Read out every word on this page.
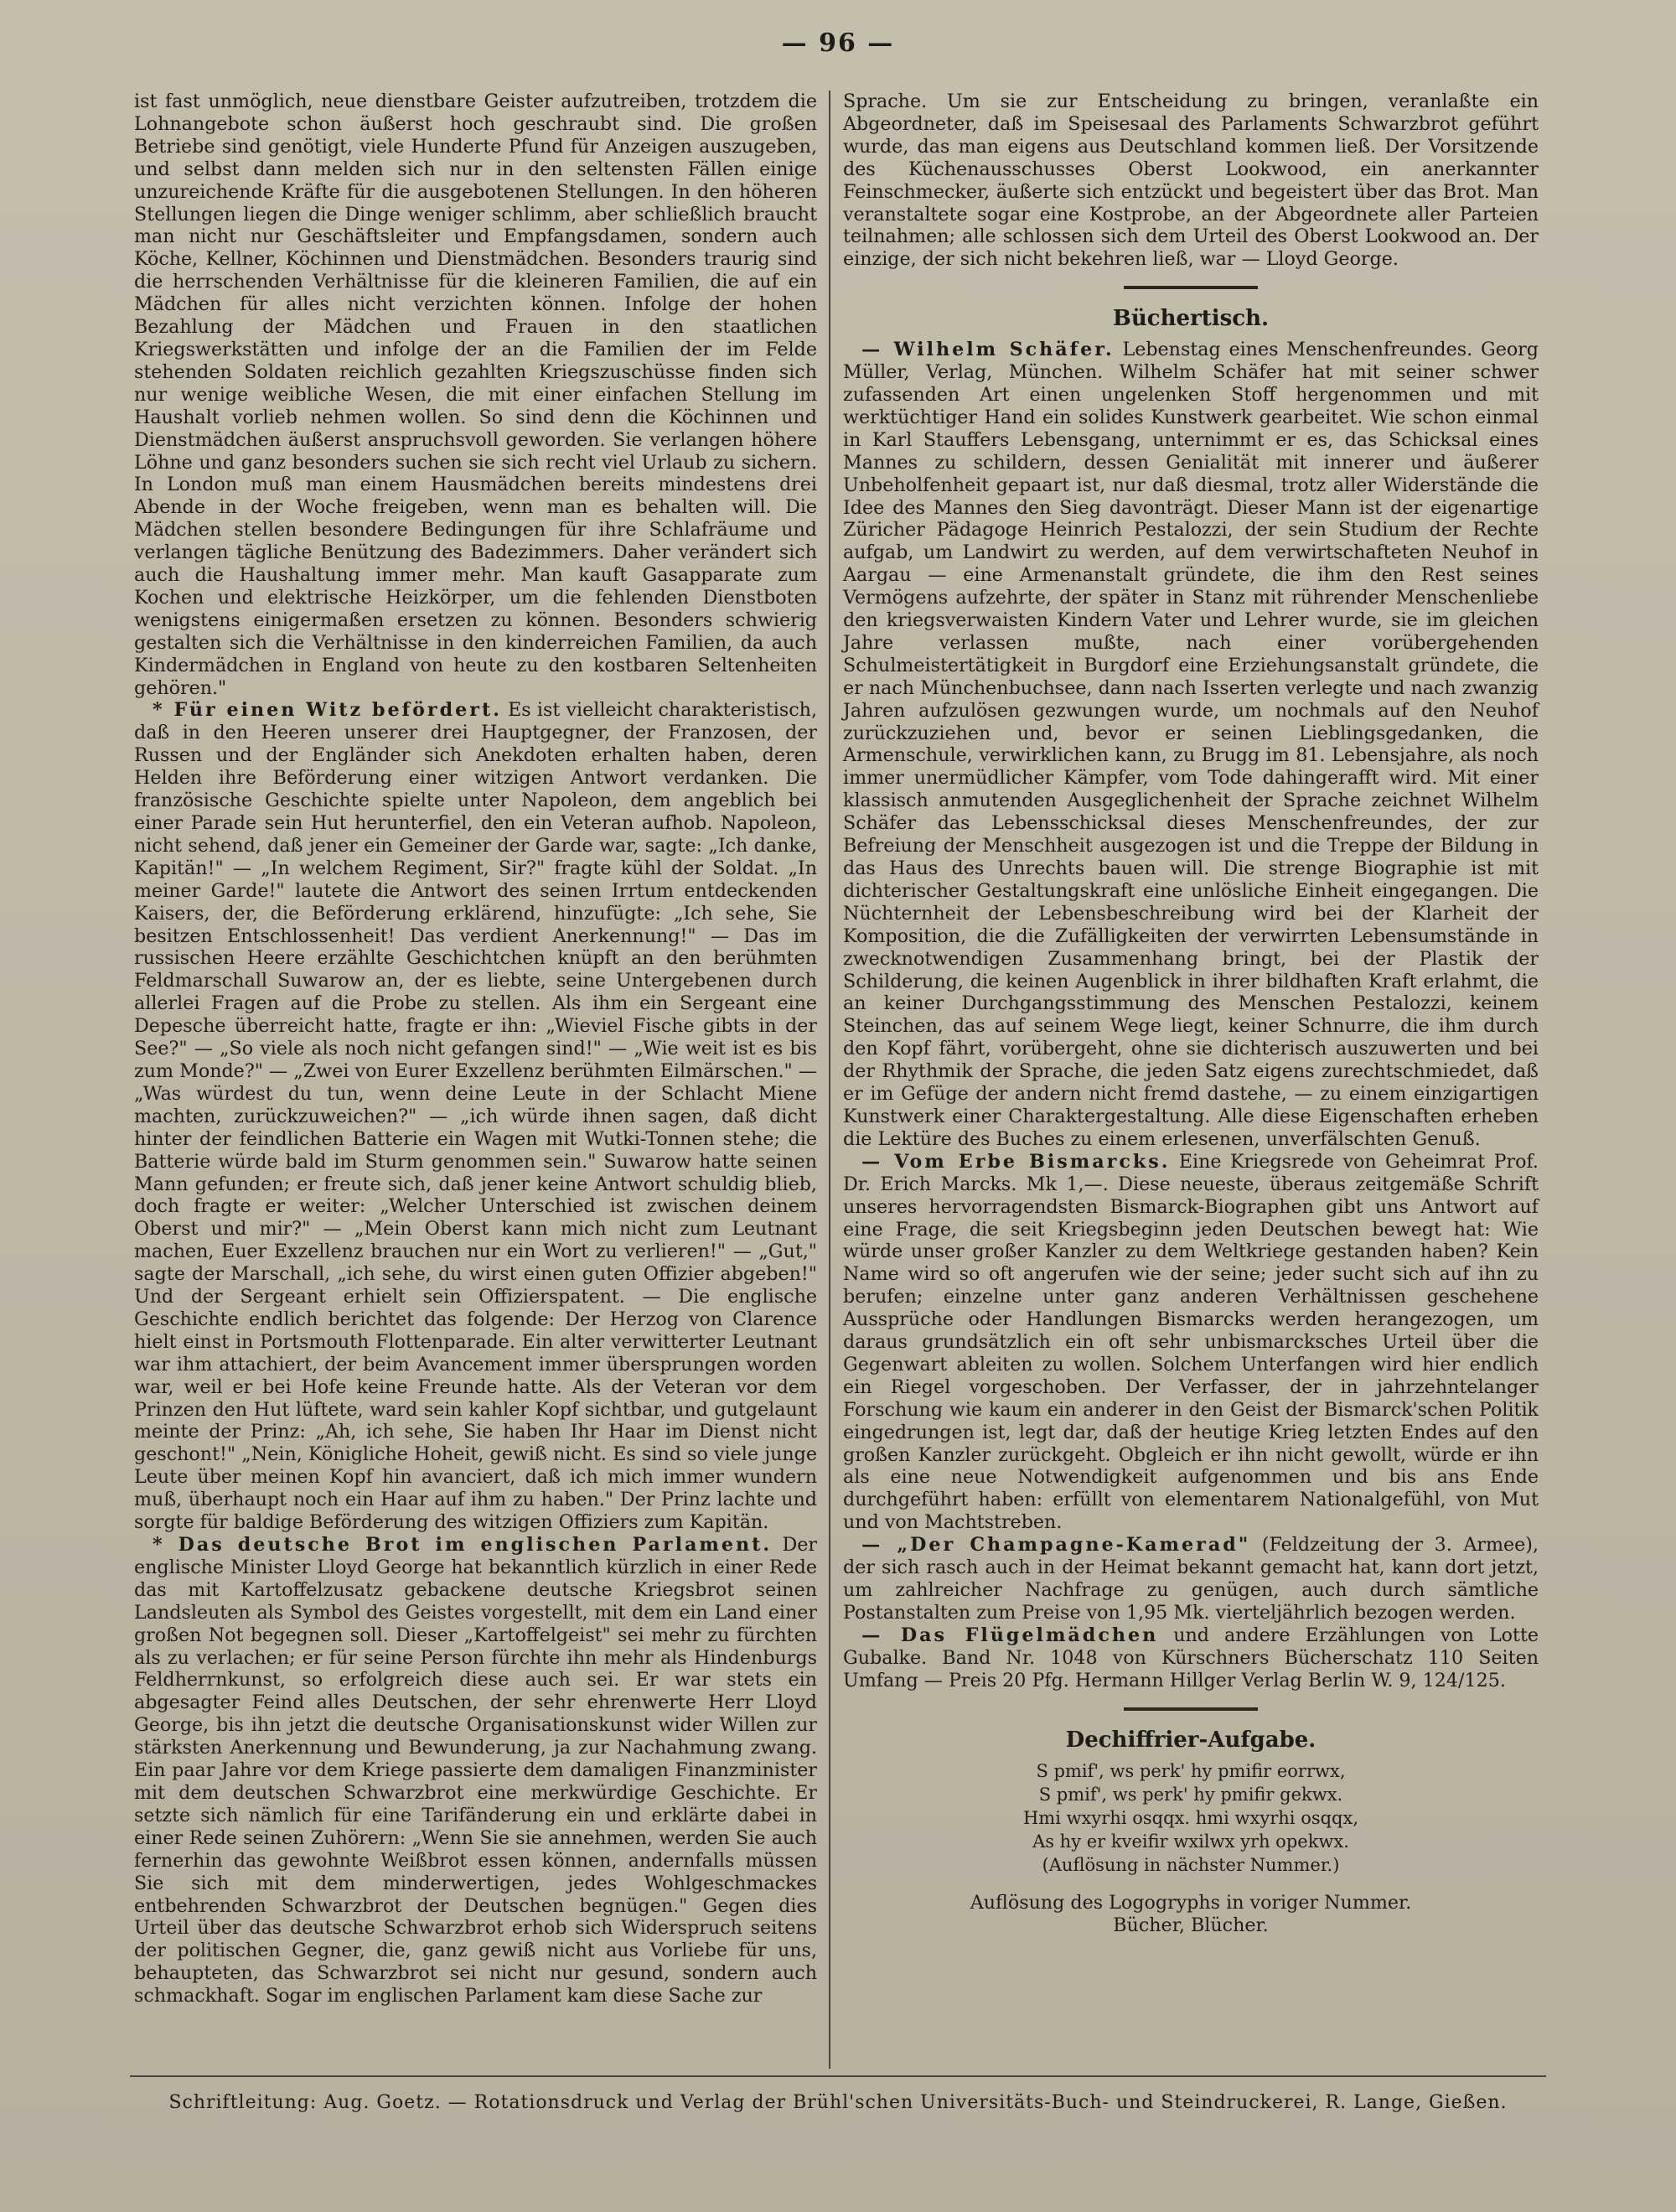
— 96 —

ist fast unmöglich, neue dienstbare Geister aufzutreiben, trotzdem die Lohnangebote schon äußerst hoch geschraubt sind. Die großen Betriebe sind genötigt, viele Hunderte Pfund für Anzeigen auszugeben, und selbst dann melden sich nur in den seltensten Fällen einige unzureichende Kräfte für die ausgebotenen Stellungen. In den höheren Stellungen liegen die Dinge weniger schlimm, aber schließlich braucht man nicht nur Geschäftsleiter und Empfangsdamen, sondern auch Köche, Kellner, Köchinnen und Dienstmädchen. Besonders traurig sind die herrschenden Verhältnisse für die kleineren Familien, die auf ein Mädchen für alles nicht verzichten können. Infolge der hohen Bezahlung der Mädchen und Frauen in den staatlichen Kriegswerkstätten und infolge der an die Familien der im Felde stehenden Soldaten reichlich gezahlten Kriegszuschüsse finden sich nur wenige weibliche Wesen, die mit einer einfachen Stellung im Haushalt vorlieb nehmen wollen. So sind denn die Köchinnen und Dienstmädchen äußerst anspruchsvoll geworden. Sie verlangen höhere Löhne und ganz besonders suchen sie sich recht viel Urlaub zu sichern. In London muß man einem Hausmädchen bereits mindestens drei Abende in der Woche freigeben, wenn man es behalten will. Die Mädchen stellen besondere Bedingungen für ihre Schlafräume und verlangen tägliche Benützung des Badezimmers. Daher verändert sich auch die Haushaltung immer mehr. Man kauft Gasapparate zum Kochen und elektrische Heizkörper, um die fehlenden Dienstboten wenigstens einigermaßen ersetzen zu können. Besonders schwierig gestalten sich die Verhältnisse in den kinderreichen Familien, da auch Kindermädchen in England von heute zu den kostbaren Seltenheiten gehören."

* Für einen Witz befördert. Es ist vielleicht charakteristisch, daß in den Heeren unserer drei Hauptgegner, der Franzosen, der Russen und der Engländer sich Anekdoten erhalten haben, deren Helden ihre Beförderung einer witzigen Antwort verdanken. Die französische Geschichte spielte unter Napoleon, dem angeblich bei einer Parade sein Hut herunterfiel, den ein Veteran aufhob. Napoleon, nicht sehend, daß jener ein Gemeiner der Garde war, sagte: „Ich danke, Kapitän!" — „In welchem Regiment, Sir?" fragte kühl der Soldat. „In meiner Garde!" lautete die Antwort des seinen Irrtum entdeckenden Kaisers, der, die Beförderung erklärend, hinzufügte: „Ich sehe, Sie besitzen Entschlossenheit! Das verdient Anerkennung!" — Das im russischen Heere erzählte Geschichtchen knüpft an den berühmten Feldmarschall Suwarow an, der es liebte, seine Untergebenen durch allerlei Fragen auf die Probe zu stellen. Als ihm ein Sergeant eine Depesche überreicht hatte, fragte er ihn: „Wieviel Fische gibts in der See?" — „So viele als noch nicht gefangen sind!" — „Wie weit ist es bis zum Monde?" — „Zwei von Eurer Exzellenz berühmten Eilmärschen." — „Was würdest du tun, wenn deine Leute in der Schlacht Miene machten, zurückzuweichen?" — „ich würde ihnen sagen, daß dicht hinter der feindlichen Batterie ein Wagen mit Wutki-Tonnen stehe; die Batterie würde bald im Sturm genommen sein." Suwarow hatte seinen Mann gefunden; er freute sich, daß jener keine Antwort schuldig blieb, doch fragte er weiter: „Welcher Unterschied ist zwischen deinem Oberst und mir?" — „Mein Oberst kann mich nicht zum Leutnant machen, Euer Exzellenz brauchen nur ein Wort zu verlieren!" — „Gut," sagte der Marschall, „ich sehe, du wirst einen guten Offizier abgeben!" Und der Sergeant erhielt sein Offizierspatent. — Die englische Geschichte endlich berichtet das folgende: Der Herzog von Clarence hielt einst in Portsmouth Flottenparade. Ein alter verwitterter Leutnant war ihm attachiert, der beim Avancement immer übersprungen worden war, weil er bei Hofe keine Freunde hatte. Als der Veteran vor dem Prinzen den Hut lüftete, ward sein kahler Kopf sichtbar, und gutgelaunt meinte der Prinz: „Ah, ich sehe, Sie haben Ihr Haar im Dienst nicht geschont!" „Nein, Königliche Hoheit, gewiß nicht. Es sind so viele junge Leute über meinen Kopf hin avanciert, daß ich mich immer wundern muß, überhaupt noch ein Haar auf ihm zu haben." Der Prinz lachte und sorgte für baldige Beförderung des witzigen Offiziers zum Kapitän.

* Das deutsche Brot im englischen Parlament. Der englische Minister Lloyd George hat bekanntlich kürzlich in einer Rede das mit Kartoffelzusatz gebackene deutsche Kriegsbrot seinen Landsleuten als Symbol des Geistes vorgestellt, mit dem ein Land einer großen Not begegnen soll. Dieser „Kartoffelgeist" sei mehr zu fürchten als zu verlachen; er für seine Person fürchte ihn mehr als Hindenburgs Feldherrnkunst, so erfolgreich diese auch sei. Er war stets ein abgesagter Feind alles Deutschen, der sehr ehrenwerte Herr Lloyd George, bis ihn jetzt die deutsche Organisationskunst wider Willen zur stärksten Anerkennung und Bewunderung, ja zur Nachahmung zwang. Ein paar Jahre vor dem Kriege passierte dem damaligen Finanzminister mit dem deutschen Schwarzbrot eine merkwürdige Geschichte. Er setzte sich nämlich für eine Tarifänderung ein und erklärte dabei in einer Rede seinen Zuhörern: „Wenn Sie sie annehmen, werden Sie auch fernerhin das gewohnte Weißbrot essen können, andernfalls müssen Sie sich mit dem minderwertigen, jedes Wohlgeschmackes entbehrenden Schwarzbrot der Deutschen begnügen." Gegen dies Urteil über das deutsche Schwarzbrot erhob sich Widerspruch seitens der politischen Gegner, die, ganz gewiß nicht aus Vorliebe für uns, behaupteten, das Schwarzbrot sei nicht nur gesund, sondern auch schmackhaft. Sogar im englischen Parlament kam diese Sache zur

Sprache. Um sie zur Entscheidung zu bringen, veranlaßte ein Abgeordneter, daß im Speisesaal des Parlaments Schwarzbrot geführt wurde, das man eigens aus Deutschland kommen ließ. Der Vorsitzende des Küchenausschusses Oberst Lookwood, ein anerkannter Feinschmecker, äußerte sich entzückt und begeistert über das Brot. Man veranstaltete sogar eine Kostprobe, an der Abgeordnete aller Parteien teilnahmen; alle schlossen sich dem Urteil des Oberst Lookwood an. Der einzige, der sich nicht bekehren ließ, war — Lloyd George.

Büchertisch.

— Wilhelm Schäfer. Lebenstag eines Menschenfreundes. Georg Müller, Verlag, München. Wilhelm Schäfer hat mit seiner schwer zufassenden Art einen ungelenken Stoff hergenommen und mit werktüchtiger Hand ein solides Kunstwerk gearbeitet. Wie schon einmal in Karl Stauffers Lebensgang, unternimmt er es, das Schicksal eines Mannes zu schildern, dessen Genialität mit innerer und äußerer Unbeholfenheit gepaart ist, nur daß diesmal, trotz aller Widerstände die Idee des Mannes den Sieg davonträgt. Dieser Mann ist der eigenartige Züricher Pädagoge Heinrich Pestalozzi, der sein Studium der Rechte aufgab, um Landwirt zu werden, auf dem verwirtschafteten Neuhof in Aargau — eine Armenanstalt gründete, die ihm den Rest seines Vermögens aufzehrte, der später in Stanz mit rührender Menschenliebe den kriegsverwaisten Kindern Vater und Lehrer wurde, sie im gleichen Jahre verlassen mußte, nach einer vorübergehenden Schulmeistertätigkeit in Burgdorf eine Erziehungsanstalt gründete, die er nach Münchenbuchsee, dann nach Isserten verlegte und nach zwanzig Jahren aufzulösen gezwungen wurde, um nochmals auf den Neuhof zurückzuziehen und, bevor er seinen Lieblingsgedanken, die Armenschule, verwirklichen kann, zu Brugg im 81. Lebensjahre, als noch immer unermüdlicher Kämpfer, vom Tode dahingerafft wird. Mit einer klassisch anmutenden Ausgeglichenheit der Sprache zeichnet Wilhelm Schäfer das Lebensschicksal dieses Menschenfreundes, der zur Befreiung der Menschheit ausgezogen ist und die Treppe der Bildung in das Haus des Unrechts bauen will. Die strenge Biographie ist mit dichterischer Gestaltungskraft eine unlösliche Einheit eingegangen. Die Nüchternheit der Lebensbeschreibung wird bei der Klarheit der Komposition, die die Zufälligkeiten der verwirrten Lebensumstände in zwecknotwendigen Zusammenhang bringt, bei der Plastik der Schilderung, die keinen Augenblick in ihrer bildhaften Kraft erlahmt, die an keiner Durchgangsstimmung des Menschen Pestalozzi, keinem Steinchen, das auf seinem Wege liegt, keiner Schnurre, die ihm durch den Kopf fährt, vorübergeht, ohne sie dichterisch auszuwerten und bei der Rhythmik der Sprache, die jeden Satz eigens zurechtschmiedet, daß er im Gefüge der andern nicht fremd dastehe, — zu einem einzigartigen Kunstwerk einer Charaktergestaltung. Alle diese Eigenschaften erheben die Lektüre des Buches zu einem erlesenen, unverfälschten Genuß.

— Vom Erbe Bismarcks. Eine Kriegsrede von Geheimrat Prof. Dr. Erich Marcks. Mk 1,—. Diese neueste, überaus zeitgemäße Schrift unseres hervorragendsten Bismarck-Biographen gibt uns Antwort auf eine Frage, die seit Kriegsbeginn jeden Deutschen bewegt hat: Wie würde unser großer Kanzler zu dem Weltkriege gestanden haben? Kein Name wird so oft angerufen wie der seine; jeder sucht sich auf ihn zu berufen; einzelne unter ganz anderen Verhältnissen geschehene Aussprüche oder Handlungen Bismarcks werden herangezogen, um daraus grundsätzlich ein oft sehr unbismarcksches Urteil über die Gegenwart ableiten zu wollen. Solchem Unterfangen wird hier endlich ein Riegel vorgeschoben. Der Verfasser, der in jahrzehntelanger Forschung wie kaum ein anderer in den Geist der Bismarck'schen Politik eingedrungen ist, legt dar, daß der heutige Krieg letzten Endes auf den großen Kanzler zurückgeht. Obgleich er ihn nicht gewollt, würde er ihn als eine neue Notwendigkeit aufgenommen und bis ans Ende durchgeführt haben: erfüllt von elementarem Nationalgefühl, von Mut und von Machtstreben.

— „Der Champagne-Kamerad" (Feldzeitung der 3. Armee), der sich rasch auch in der Heimat bekannt gemacht hat, kann dort jetzt, um zahlreicher Nachfrage zu genügen, auch durch sämtliche Postanstalten zum Preise von 1,95 Mk. vierteljährlich bezogen werden.

— Das Flügelmädchen und andere Erzählungen von Lotte Gubalke. Band Nr. 1048 von Kürschners Bücherschatz 110 Seiten Umfang — Preis 20 Pfg. Hermann Hillger Verlag Berlin W. 9, 124/125.

Dechiffrier-Aufgabe.
S pmif', ws perk' hy pmifir eorrwx,
S pmif', ws perk' hy pmifir gekwx.
Hmi wxyrhi osqqx. hmi wxyrhi osqqx,
As hy er kveifir wxilwx yrh opekwx.
(Auflösung in nächster Nummer.)
Auflösung des Logogryphs in voriger Nummer.
Bücher, Blücher.
Schriftleitung: Aug. Goetz. — Rotationsdruck und Verlag der Brühl'schen Universitäts-Buch- und Steindruckerei, R. Lange, Gießen.
